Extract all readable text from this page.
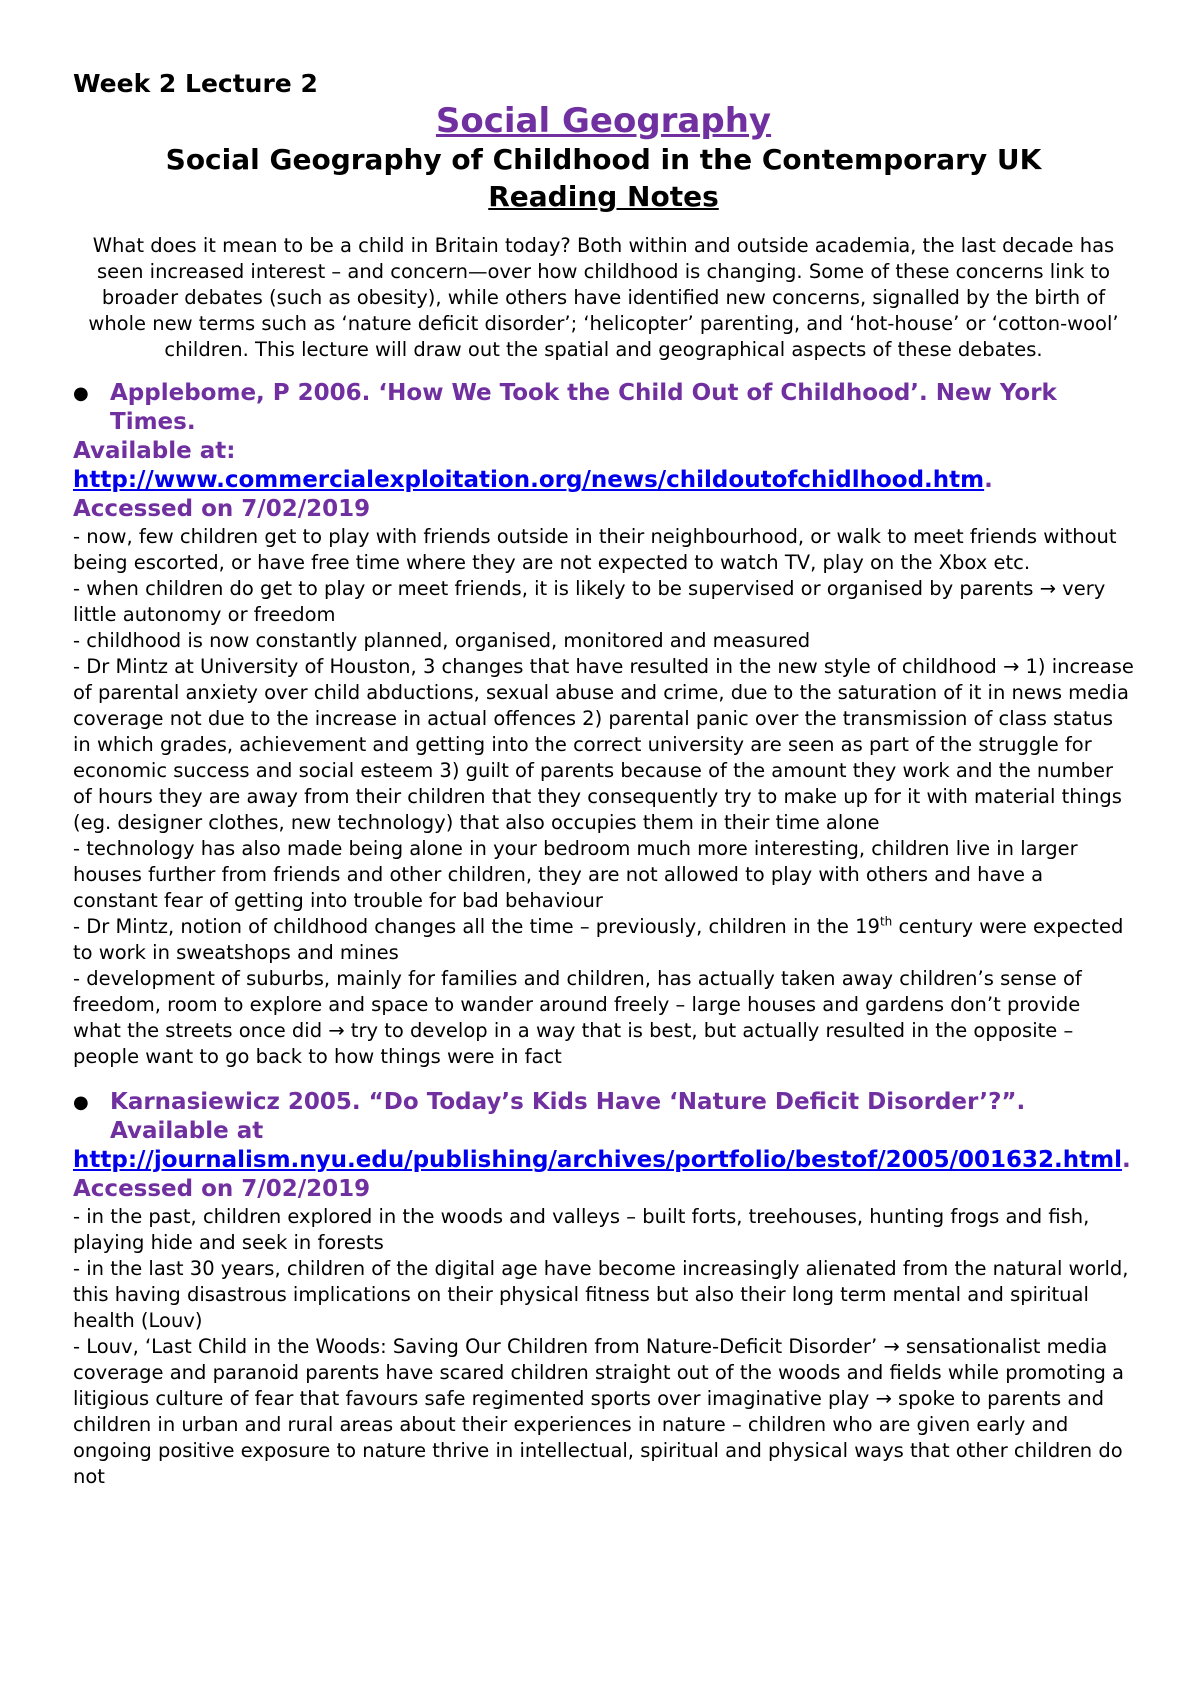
Week 2 Lecture 2

Social Geography

Social Geography of Childhood in the Contemporary UK

Reading Notes

What does it mean to be a child in Britain today? Both within and outside academia, the last decade has seen increased interest – and concern—over how childhood is changing. Some of these concerns link to broader debates (such as obesity), while others have identified new concerns, signalled by the birth of whole new terms such as ‘nature deficit disorder’; ‘helicopter’ parenting, and ‘hot-house’ or ‘cotton-wool’ children. This lecture will draw out the spatial and geographical aspects of these debates.

● Applebome, P 2006. ‘How We Took the Child Out of Childhood’. New York Times.
Available at:
http://www.commercialexploitation.org/news/childoutofchidlhood.htm.
Accessed on 7/02/2019

- now, few children get to play with friends outside in their neighbourhood, or walk to meet friends without being escorted, or have free time where they are not expected to watch TV, play on the Xbox etc.

- when children do get to play or meet friends, it is likely to be supervised or organised by parents → very little autonomy or freedom

- childhood is now constantly planned, organised, monitored and measured

- Dr Mintz at University of Houston, 3 changes that have resulted in the new style of childhood → 1) increase of parental anxiety over child abductions, sexual abuse and crime, due to the saturation of it in news media coverage not due to the increase in actual offences 2) parental panic over the transmission of class status in which grades, achievement and getting into the correct university are seen as part of the struggle for economic success and social esteem 3) guilt of parents because of the amount they work and the number of hours they are away from their children that they consequently try to make up for it with material things (eg. designer clothes, new technology) that also occupies them in their time alone

- technology has also made being alone in your bedroom much more interesting, children live in larger houses further from friends and other children, they are not allowed to play with others and have a constant fear of getting into trouble for bad behaviour

- Dr Mintz, notion of childhood changes all the time – previously, children in the 19th century were expected to work in sweatshops and mines

- development of suburbs, mainly for families and children, has actually taken away children’s sense of freedom, room to explore and space to wander around freely – large houses and gardens don’t provide what the streets once did → try to develop in a way that is best, but actually resulted in the opposite – people want to go back to how things were in fact

● Karnasiewicz 2005. “Do Today’s Kids Have ‘Nature Deficit Disorder’?”. Available at
http://journalism.nyu.edu/publishing/archives/portfolio/bestof/2005/001632.html. Accessed on 7/02/2019

- in the past, children explored in the woods and valleys – built forts, treehouses, hunting frogs and fish, playing hide and seek in forests

- in the last 30 years, children of the digital age have become increasingly alienated from the natural world, this having disastrous implications on their physical fitness but also their long term mental and spiritual health (Louv)

- Louv, ‘Last Child in the Woods: Saving Our Children from Nature-Deficit Disorder’ → sensationalist media coverage and paranoid parents have scared children straight out of the woods and fields while promoting a litigious culture of fear that favours safe regimented sports over imaginative play → spoke to parents and children in urban and rural areas about their experiences in nature – children who are given early and ongoing positive exposure to nature thrive in intellectual, spiritual and physical ways that other children do not
